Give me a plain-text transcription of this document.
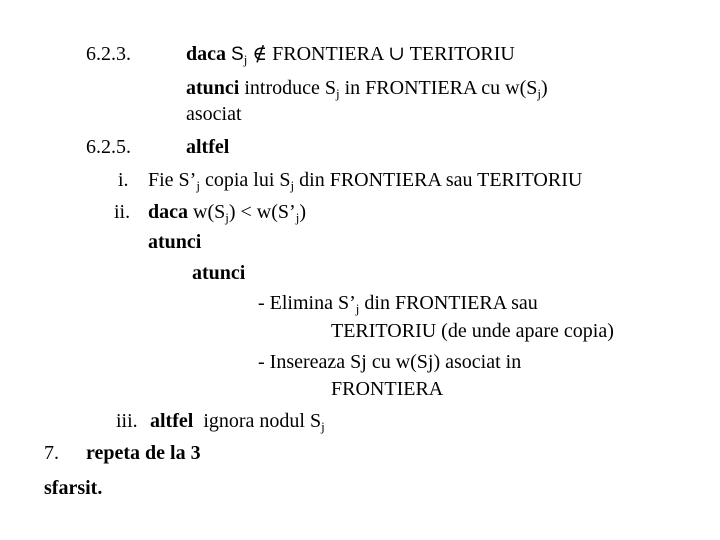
6.2.3.	daca $S_j$ ∉ FRONTIERA ∪ TERITORIU
atunci introduce $S_j$ in FRONTIERA cu $w(S_j)$
asociat
6.2.5.	altfel
i. Fie $S’_j$ copia lui $S_j$ din FRONTIERA sau TERITORIU
ii. daca $w(S_j)$ < $w(S’_j)$
atunci
atunci
- Elimina $S’_j$ din FRONTIERA sau
TERITORIU (de unde apare copia)
- Insereaza Sj cu w(Sj) asociat in
FRONTIERA
iii. altfel  ignora nodul $S_j$
7. repeta de la 3
sfarsit.
